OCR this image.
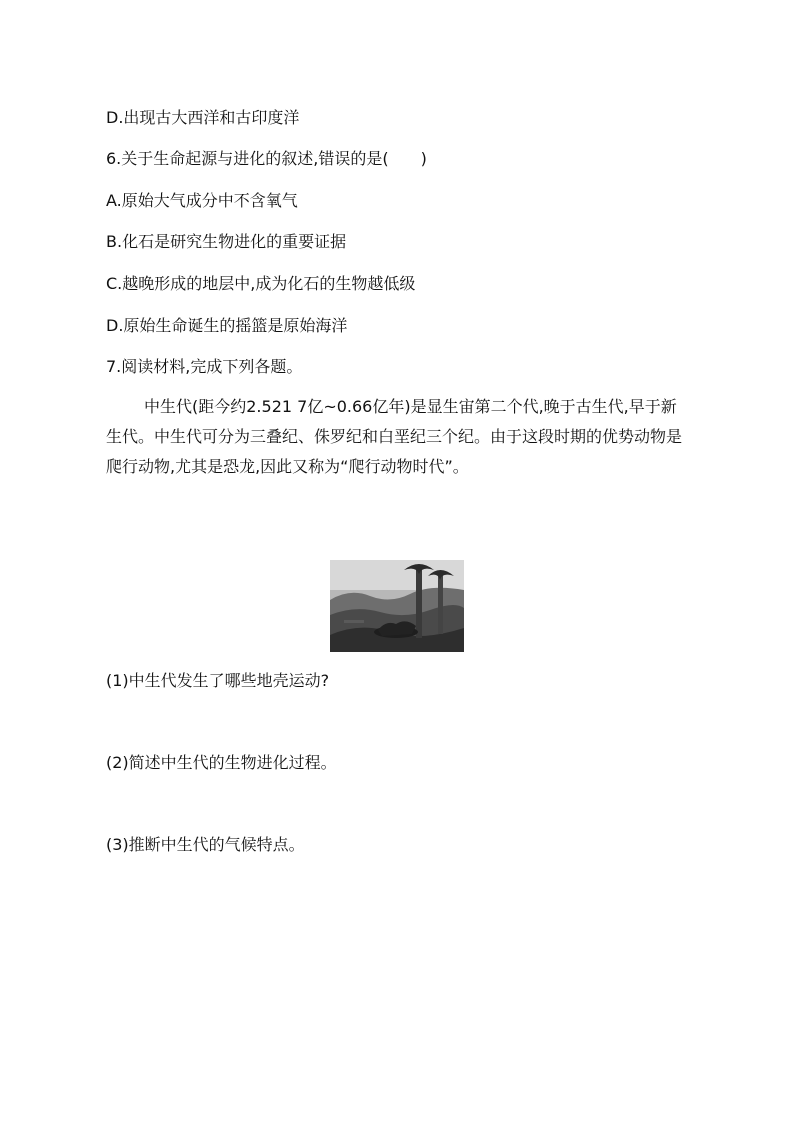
D.出现古大西洋和古印度洋
6.关于生命起源与进化的叙述,错误的是(　　)
A.原始大气成分中不含氧气
B.化石是研究生物进化的重要证据
C.越晚形成的地层中,成为化石的生物越低级
D.原始生命诞生的摇篮是原始海洋
7.阅读材料,完成下列各题。
中生代(距今约2.521 7亿~0.66亿年)是显生宙第二个代,晚于古生代,早于新生代。中生代可分为三叠纪、侏罗纪和白垩纪三个纪。由于这段时期的优势动物是爬行动物,尤其是恐龙,因此又称为“爬行动物时代”。
(1)中生代发生了哪些地壳运动?
(2)简述中生代的生物进化过程。
(3)推断中生代的气候特点。
